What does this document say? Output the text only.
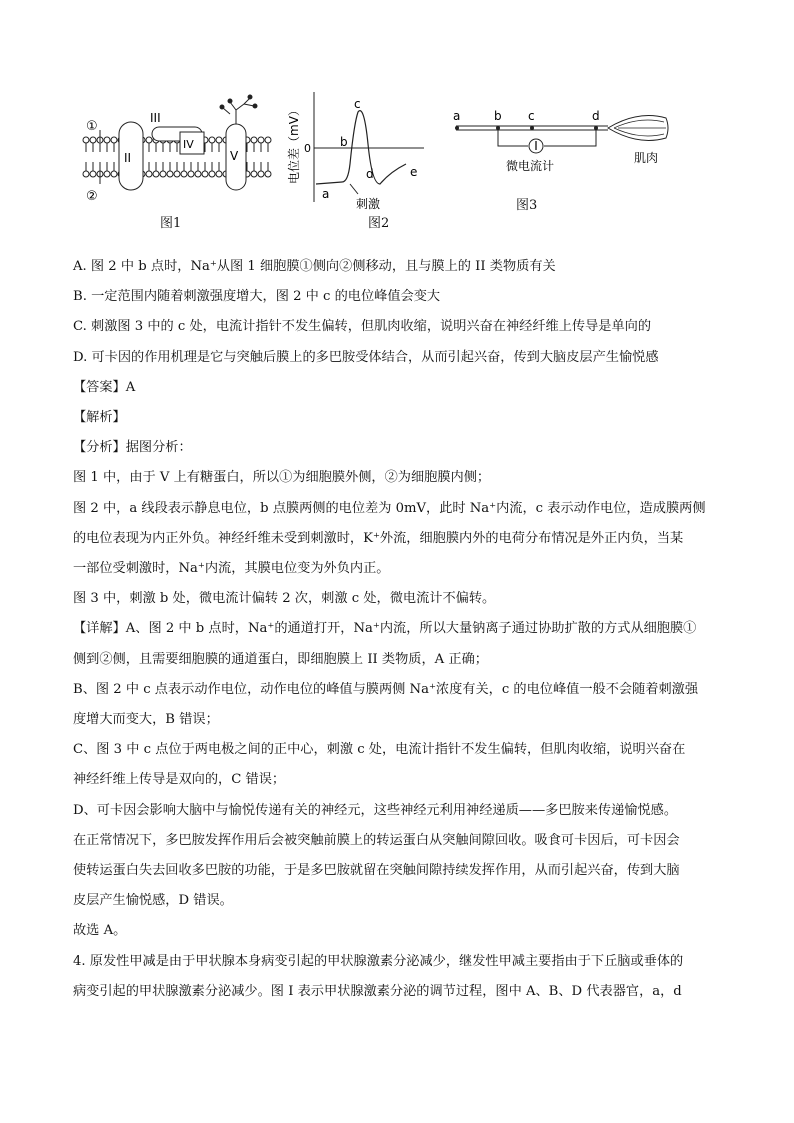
II
III
IV
V
①
②
图1
电位差（mV） 0
a
b
c
d	e
刺激
图2
a	b c	d
微电流计
肌肉
图3

A. 图 2 中 b 点时，Na⁺从图 1 细胞膜①侧向②侧移动，且与膜上的 II 类物质有关

B. 一定范围内随着刺激强度增大，图 2 中 c 的电位峰值会变大

C. 刺激图 3 中的 c 处，电流计指针不发生偏转，但肌肉收缩，说明兴奋在神经纤维上传导是单向的

D. 可卡因的作用机理是它与突触后膜上的多巴胺受体结合，从而引起兴奋，传到大脑皮层产生愉悦感

【答案】A

【解析】

【分析】据图分析：

图 1 中，由于 V 上有糖蛋白，所以①为细胞膜外侧，②为细胞膜内侧；

图 2 中，a 线段表示静息电位，b 点膜两侧的电位差为 0mV，此时 Na⁺内流，c 表示动作电位，造成膜两侧

的电位表现为内正外负。神经纤维未受到刺激时，K⁺外流，细胞膜内外的电荷分布情况是外正内负，当某

一部位受刺激时，Na⁺内流，其膜电位变为外负内正。

图 3 中，刺激 b 处，微电流计偏转 2 次，刺激 c 处，微电流计不偏转。

【详解】A、图 2 中 b 点时，Na⁺的通道打开，Na⁺内流，所以大量钠离子通过协助扩散的方式从细胞膜①

侧到②侧，且需要细胞膜的通道蛋白，即细胞膜上 II 类物质，A 正确；

B、图 2 中 c 点表示动作电位，动作电位的峰值与膜两侧 Na⁺浓度有关，c 的电位峰值一般不会随着刺激强

度增大而变大，B 错误；

C、图 3 中 c 点位于两电极之间的正中心，刺激 c 处，电流计指针不发生偏转，但肌肉收缩，说明兴奋在

神经纤维上传导是双向的，C 错误；

D、可卡因会影响大脑中与愉悦传递有关的神经元，这些神经元利用神经递质——多巴胺来传递愉悦感。

在正常情况下，多巴胺发挥作用后会被突触前膜上的转运蛋白从突触间隙回收。吸食可卡因后，可卡因会

使转运蛋白失去回收多巴胺的功能，于是多巴胺就留在突触间隙持续发挥作用，从而引起兴奋，传到大脑

皮层产生愉悦感，D 错误。

故选 A。

4. 原发性甲减是由于甲状腺本身病变引起的甲状腺激素分泌减少，继发性甲减主要指由于下丘脑或垂体的

病变引起的甲状腺激素分泌减少。图 I 表示甲状腺激素分泌的调节过程，图中 A、B、D 代表器官，a，d
